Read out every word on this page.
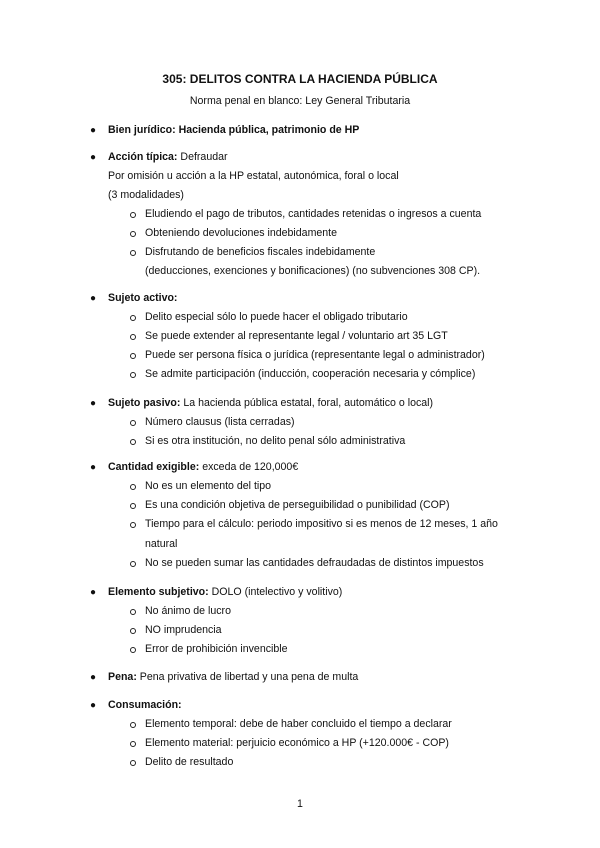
305: DELITOS CONTRA LA HACIENDA PÚBLICA
Norma penal en blanco: Ley General Tributaria
● Bien jurídico: Hacienda pública, patrimonio de HP
● Acción típica: Defraudar
Por omisión u acción a la HP estatal, autonómica, foral o local
(3 modalidades)
Eludiendo el pago de tributos, cantidades retenidas o ingresos a cuenta
Obteniendo devoluciones indebidamente
Disfrutando de beneficios fiscales indebidamente
(deducciones, exenciones y bonificaciones) (no subvenciones 308 CP).
● Sujeto activo:
Delito especial sólo lo puede hacer el obligado tributario
Se puede extender al representante legal / voluntario art 35 LGT
Puede ser persona física o jurídica (representante legal o administrador)
Se admite participación (inducción, cooperación necesaria y cómplice)
● Sujeto pasivo: La hacienda pública estatal, foral, automático o local)
Número clausus (lista cerradas)
Si es otra institución, no delito penal sólo administrativa
● Cantidad exigible: exceda de 120,000€
No es un elemento del tipo
Es una condición objetiva de perseguibilidad o punibilidad (COP)
Tiempo para el cálculo: periodo impositivo si es menos de 12 meses, 1 año
natural
No se pueden sumar las cantidades defraudadas de distintos impuestos
● Elemento subjetivo: DOLO (intelectivo y volitivo)
No ánimo de lucro
NO imprudencia
Error de prohibición invencible
● Pena: Pena privativa de libertad y una pena de multa
● Consumación:
Elemento temporal: debe de haber concluido el tiempo a declarar
Elemento material: perjuicio económico a HP (+120.000€ - COP)
Delito de resultado
1
